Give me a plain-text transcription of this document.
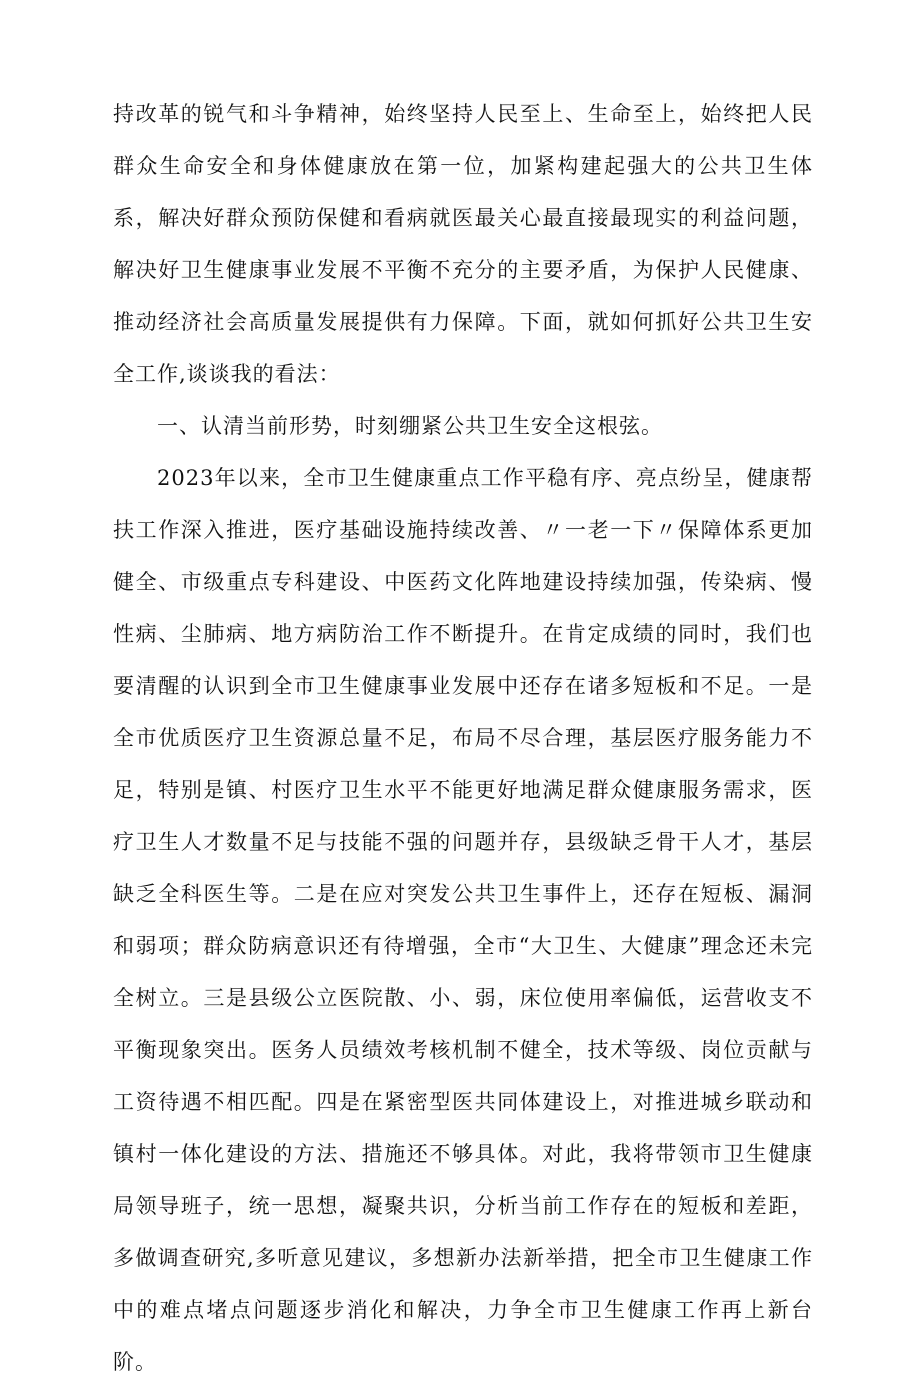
持改革的锐气和斗争精神，始终坚持人民至上、生命至上，始终把人民群众生命安全和身体健康放在第一位，加紧构建起强大的公共卫生体系，解决好群众预防保健和看病就医最关心最直接最现实的利益问题，解决好卫生健康事业发展不平衡不充分的主要矛盾，为保护人民健康、推动经济社会高质量发展提供有力保障。下面，就如何抓好公共卫生安全工作,谈谈我的看法：

一、认清当前形势，时刻绷紧公共卫生安全这根弦。

2023年以来，全市卫生健康重点工作平稳有序、亮点纷呈，健康帮扶工作深入推进，医疗基础设施持续改善、〃一老一下〃保障体系更加健全、市级重点专科建设、中医药文化阵地建设持续加强，传染病、慢性病、尘肺病、地方病防治工作不断提升。在肯定成绩的同时，我们也要清醒的认识到全市卫生健康事业发展中还存在诸多短板和不足。一是全市优质医疗卫生资源总量不足，布局不尽合理，基层医疗服务能力不足，特别是镇、村医疗卫生水平不能更好地满足群众健康服务需求，医疗卫生人才数量不足与技能不强的问题并存，县级缺乏骨干人才，基层缺乏全科医生等。二是在应对突发公共卫生事件上，还存在短板、漏洞和弱项；群众防病意识还有待增强，全市“大卫生、大健康”理念还未完全树立。三是县级公立医院散、小、弱，床位使用率偏低，运营收支不平衡现象突出。医务人员绩效考核机制不健全，技术等级、岗位贡献与工资待遇不相匹配。四是在紧密型医共同体建设上，对推进城乡联动和镇村一体化建设的方法、措施还不够具体。对此，我将带领市卫生健康局领导班子，统一思想，凝聚共识，分析当前工作存在的短板和差距，多做调查研究,多听意见建议，多想新办法新举措，把全市卫生健康工作中的难点堵点问题逐步消化和解决，力争全市卫生健康工作再上新台阶。
